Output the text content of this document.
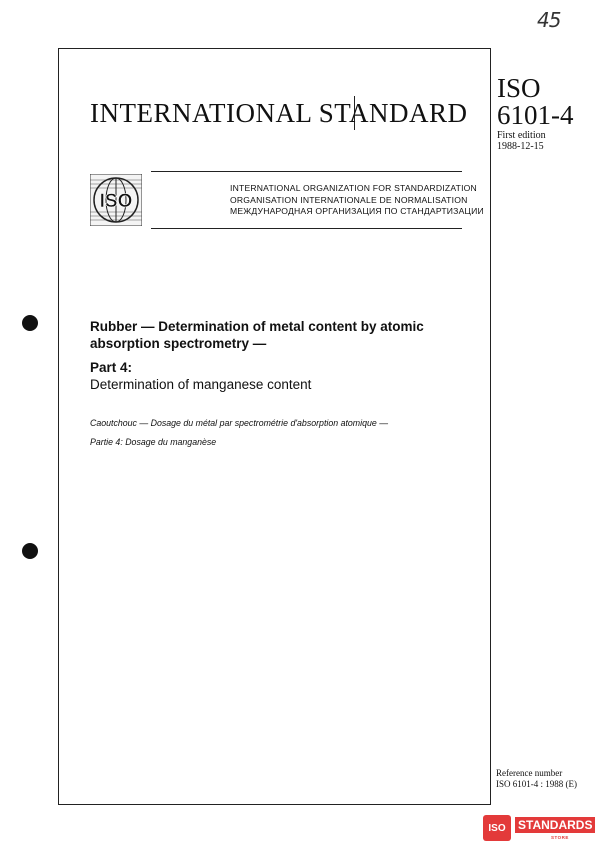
45
INTERNATIONAL STANDARD
ISO
6101-4
First edition
1988-12-15
ISO
INTERNATIONAL ORGANIZATION FOR STANDARDIZATION
ORGANISATION INTERNATIONALE DE NORMALISATION
МЕЖДУНАРОДНАЯ ОРГАНИЗАЦИЯ ПО СТАНДАРТИЗАЦИИ
Rubber — Determination of metal content by atomic absorption spectrometry —
Part 4:
Determination of manganese content
Caoutchouc — Dosage du métal par spectrométrie d'absorption atomique —
Partie 4: Dosage du manganèse
Reference number
ISO 6101-4 : 1988 (E)
ISO	STANDARDS
STORE
